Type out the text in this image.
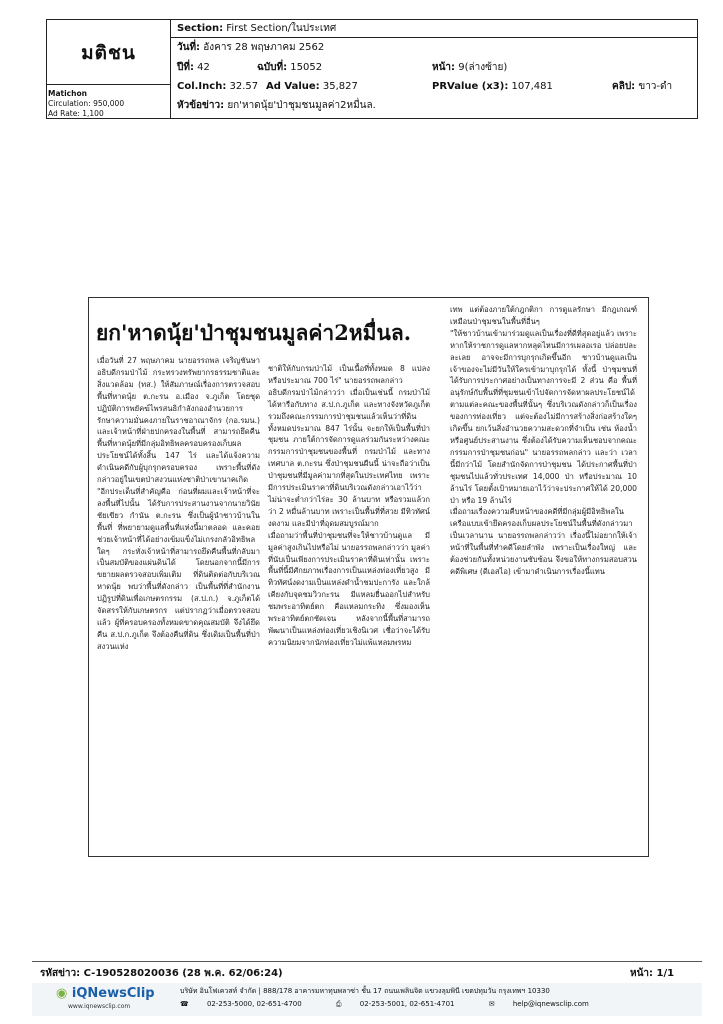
มติชน
Matichon
Circulation: 950,000
Ad Rate: 1,100
Section: First Section/ในประเทศ
วันที่: อังคาร 28 พฤษภาคม 2562
ปีที่: 42	ฉบับที่: 15052	หน้า: 9(ล่างซ้าย)
Col.Inch: 32.57 Ad Value: 35,827	PRValue (x3): 107,481	คลิป: ขาว-ดำ
หัวข้อข่าว: ยก'หาดนุ้ย'ป่าชุมชนมูลค่า2หมื่นล.
ยก'หาดนุ้ย'ป่าชุมชนมูลค่า2หมื่นล.

เมื่อวันที่ 27 พฤษภาคม นายอรรถพล เจริญชันษา อธิบดีกรมป่าไม้ กระทรวงทรัพยากรธรรมชาติและสิ่งแวดล้อม (ทส.) ให้สัมภาษณ์เรื่องการตรวจสอบพื้นที่หาดนุ้ย ต.กะรน อ.เมือง จ.ภูเก็ต โดยชุดปฏิบัติการพยัคฆ์ไพรสนธิกำลังกองอำนวยการรักษาความมั่นคงภายในราชอาณาจักร (กอ.รมน.) และเจ้าหน้าที่ฝ่ายปกครองในพื้นที่ สามารถยึดคืนพื้นที่หาดนุ้ยที่มีกลุ่มอิทธิพลครอบครองเก็บผลประโยชน์ได้ทั้งสิ้น 147 ไร่ และได้แจ้งความดำเนินคดีกับผู้บุกรุกครอบครอง เพราะพื้นที่ดังกล่าวอยู่ในเขตป่าสงวนแห่งชาติป่าเขานาคเกิด
"อีกประเด็นที่สำคัญคือ ก่อนที่ผมและเจ้าหน้าที่จะลงพื้นที่ไปนั้น ได้รับการประสานงานจากนายวินัย ชัยเขียว กำนัน ต.กะรน ซึ่งเป็นผู้นำชาวบ้านในพื้นที่ ที่พยายามดูแลพื้นที่แห่งนี้มาตลอด และคอยช่วยเจ้าหน้าที่ได้อย่างเข้มแข็งไม่เกรงกลัวอิทธิพลใดๆ กระทั่งเจ้าหน้าที่สามารถยึดคืนพื้นที่กลับมาเป็นสมบัติของแผ่นดินได้ โดยนอกจากนี้มีการขยายผลตรวจสอบเพิ่มเติม ที่ดินติดต่อกับบริเวณหาดนุ้ย พบว่าพื้นที่ดังกล่าว เป็นพื้นที่ที่สำนักงานปฏิรูปที่ดินเพื่อเกษตรกรรม (ส.ป.ก.) จ.ภูเก็ตได้จัดสรรให้กับเกษตรกร แต่ปรากฏว่าเมื่อตรวจสอบแล้ว ผู้ที่ครอบครองทั้งหมดขาดคุณสมบัติ จึงได้ยึดคืน ส.ป.ก.ภูเก็ต จึงต้องคืนที่ดิน ซึ่งเดิมเป็นพื้นที่ป่าสงวนแห่ง

ชาติให้กับกรมป่าไม้ เป็นเนื้อที่ทั้งหมด 8 แปลง หรือประมาณ 700 ไร่" นายอรรถพลกล่าว
อธิบดีกรมป่าไม้กล่าวว่า เมื่อเป็นเช่นนี้ กรมป่าไม้ได้หารือกับทาง ส.ป.ก.ภูเก็ต และทางจังหวัดภูเก็ต รวมถึงคณะกรรมการป่าชุมชนแล้วเห็นว่าที่ดินทั้งหมดประมาณ 847 ไร่นั้น จะยกให้เป็นพื้นที่ป่าชุมชน ภายใต้การจัดการดูแลร่วมกันระหว่างคณะกรรมการป่าชุมชนของพื้นที่ กรมป่าไม้ และทางเทศบาล ต.กะรน ซึ่งป่าชุมชนผืนนี้ น่าจะถือว่าเป็นป่าชุมชนที่มีมูลค่ามากที่สุดในประเทศไทย เพราะมีการประเมินราคาที่ดินบริเวณดังกล่าวเอาไว้ว่า ไม่น่าจะต่ำกว่าไร่ละ 30 ล้านบาท หรือรวมแล้วกว่า 2 หมื่นล้านบาท เพราะเป็นพื้นที่ที่สวย มีทิวทัศน์งดงาม และมีป่าที่อุดมสมบูรณ์มาก
เมื่อถามว่าพื้นที่ป่าชุมชนที่จะให้ชาวบ้านดูแล มีมูลค่าสูงเกินไปหรือไม่ นายอรรถพลกล่าวว่า มูลค่าที่นับเป็นเพียงการประเมินราคาที่ดินเท่านั้น เพราะ พื้นที่นี้มีศักยภาพเรื่องการเป็นแหล่งท่องเที่ยวสูง มีทิวทัศน์งดงามเป็นแหล่งดำน้ำชมปะการัง และใกล้เคียงกับจุดชมวิวกะรน มีแหลมยื่นออกไปสำหรับชมพระอาทิตย์ตก คือแหลมกระทิง ซึ่งมองเห็นพระอาทิตย์ตกชัดเจน หลังจากนี้พื้นที่สามารถพัฒนาเป็นแหล่งท่องเที่ยวเชิงนิเวศ เชื่อว่าจะได้รับความนิยมจากนักท่องเที่ยวไม่แพ้แหลมพรหม

เทพ แต่ต้องภายใต้กฎกติกา การดูแลรักษา มีกฎเกณฑ์เหมือนป่าชุมชนในพื้นที่อื่นๆ
"ให้ชาวบ้านเข้ามาร่วมดูแลเป็นเรื่องที่ดีที่สุดอยู่แล้ว เพราะหากให้ราชการดูแลหากหลุดไหนมีการเผลอเรอ ปล่อยปละละเลย อาจจะมีการบุกรุกเกิดขึ้นอีก ชาวบ้านดูแลเป็นเจ้าของจะไม่มีวันให้ใครเข้ามาบุกรุกได้ ทั้งนี้ ป่าชุมชนที่ได้รับการประกาศอย่างเป็นทางการจะมี 2 ส่วน คือ พื้นที่อนุรักษ์กับพื้นที่ที่ชุมชนเข้าไปจัดการจัดหาผลประโยชน์ได้ตามแต่ละคณะของพื้นที่นั้นๆ ซึ่งบริเวณดังกล่าวก็เป็นเรื่องของการท่องเที่ยว แต่จะต้องไม่มีการสร้างสิ่งก่อสร้างใดๆ เกิดขึ้น ยกเว้นสิ่งอำนวยความสะดวกที่จำเป็น เช่น ห้องน้ำ หรือศูนย์ประสานงาน ซึ่งต้องได้รับความเห็นชอบจากคณะกรรมการป่าชุมชนก่อน" นายอรรถพลกล่าว และว่า เวลานี้มีกว่าไม้ โดยสำนักจัดการป่าชุมชน ได้ประกาศพื้นที่ป่าชุมชนไปแล้วทั่วประเทศ 14,000 ป่า หรือประมาณ 10 ล้านไร่ โดยตั้งเป้าหมายเอาไว้ว่าจะประกาศให้ได้ 20,000 ป่า หรือ 19 ล้านไร่
เมื่อถามเรื่องความคืบหน้าของคดีที่มีกลุ่มผู้มีอิทธิพลในเครือแบบเข้ายึดครองเก็บผลประโยชน์ในพื้นที่ดังกล่าวมาเป็นเวลานาน นายอรรถพลกล่าวว่า เรื่องนี้ไม่อยากให้เจ้าหน้าที่ในพื้นที่ทำคดีโดยลำพัง เพราะเป็นเรื่องใหญ่ และต้องช่วยกันทั้งหน่วยงานซับซ้อน จึงขอให้ทางกรมสอบสวนคดีพิเศษ (ดีเอสไอ) เข้ามาดำเนินการเรื่องนี้แทน

รหัสข่าว: C-190528020036 (28 พ.ค. 62/06:24)	หน้า: 1/1
◉ iQNewsClip
www.iqnewsclip.com
บริษัท อินโฟเควสท์ จำกัด | 888/178 อาคารมหาทุนพลาซ่า ชั้น 17 ถนนเพลินจิต แขวงลุมพินี เขตปทุมวัน กรุงเทพฯ 10330
☎	02-253-5000, 02-651-4700	⎙	02-253-5001, 02-651-4701	✉	help@iqnewsclip.com
